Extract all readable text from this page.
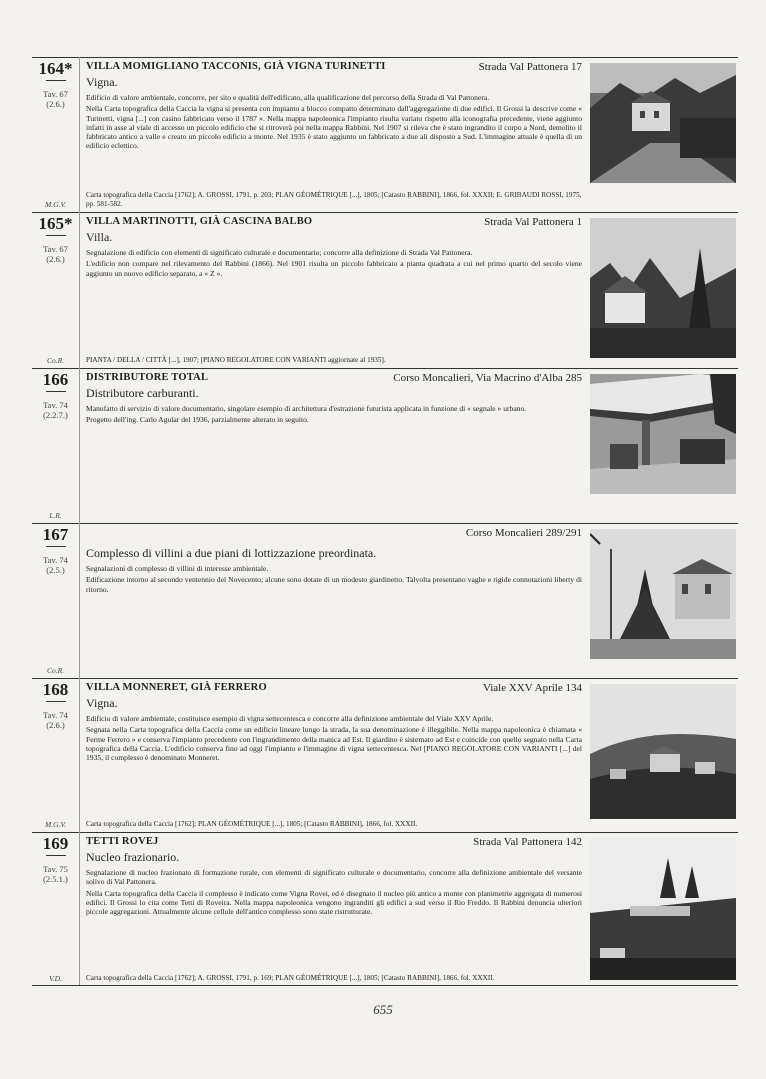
164*
Tav. 67
(2.6.)
M.G.V.
VILLA MOMIGLIANO TACCONIS, GIÀ VIGNA TURINETTI	Strada Val Pattonera 17
Vigna.

Edificio di valore ambientale, concorre, per sito e qualità dell'edificato, alla qualificazione del percorso della Strada di Val Pattonera.

Nella Carta topografica della Caccia la vigna si presenta con impianto a blocco compatto determinato dall'aggregazione di due edifici. Il Grossi la descrive come « Turinetti, vigna [...] con casino fabbricato verso il 1787 ». Nella mappa napoleonica l'impianto risulta variato rispetto alla iconografia precedente, viene aggiunto infatti in asse al viale di accesso un piccolo edificio che si ritroverà poi nella mappa Rabbini. Nel 1907 si rileva che è stato ingrandito il corpo a Nord, demolito il fabbricato antico a valle e creato un piccolo edificio a monte. Nel 1935 è stato aggiunto un fabbricato a due ali disposto a Sud. L'immagine attuale è quella di un edificio eclettico.

Carta topografica della Caccia [1762]; A. GROSSI, 1791, p. 203; PLAN GÉOMÉTRIQUE [...], 1805; [Catasto RABBINI], 1866, fol. XXXII; E. GRIBAUDI ROSSI, 1975, pp. 581-582.
165*
Tav. 67
(2.6.)
Co.R.
VILLA MARTINOTTI, GIÀ CASCINA BALBO	Strada Val Pattonera 1
Villa.

Segnalazione di edificio con elementi di significato culturale e documentario; concorre alla definizione di Strada Val Pattonera.

L'edificio non compare nel rilevamento del Rabbini (1866). Nel 1901 risulta un piccolo fabbricato a pianta quadrata a cui nel primo quarto del secolo viene aggiunto un nuovo edificio separato, a « Z ».

PIANTA / DELLA / CITTÀ [...], 1907; [PIANO REGOLATORE CON VARIANTI aggiornate al 1935].
166
Tav. 74
(2.2.7.)
L.R.
DISTRIBUTORE TOTAL	Corso Moncalieri, Via Macrino d'Alba 285
Distributore carburanti.

Manufatto di servizio di valore documentario, singolare esempio di architettura d'estrazione futurista applicata in funzione di « segnale » urbano.

Progetto dell'ing. Carlo Agular del 1936, parzialmente alterato in seguito.

167
Tav. 74
(2.5.)
Co.R.
Corso Moncalieri 289/291
Complesso di villini a due piani di lottizzazione preordinata.

Segnalazioni di complesso di villini di interesse ambientale.

Edificazione intorno al secondo ventennio del Novecento; alcune sono dotate di un modesto giardinetto. Talvolta presentano vaghe e rigide connotazioni liberty di ritorno.

168
Tav. 74
(2.6.)
M.G.V.
VILLA MONNERET, GIÀ FERRERO	Viale XXV Aprile 134
Vigna.

Edificio di valore ambientale, costituisce esempio di vigna settecentesca e concorre alla definizione ambientale del Viale XXV Aprile.

Segnata nella Carta topografica della Caccia come un edificio lineare lungo la strada, la sua denominazione è illeggibile. Nella mappa napoleonica è chiamata « Ferme Ferrero » e conserva l'impianto precedente con l'ingrandimento della manica ad Est. Il giardino è sistemato ad Est e coincide con quello segnato nella Carta topografica della Caccia. L'edificio conserva fino ad oggi l'impianto e l'immagine di vigna settecentesca. Nel [PIANO REGOLATORE CON VARIANTI [...] del 1935, il complesso è denominato Monneret.

Carta topografica della Caccia [1762]; PLAN GÉOMÉTRIQUE [...], 1805; [Catasto RABBINI], 1866, fol. XXXII.
169
Tav. 75
(2.5.1.)
V.D.
TETTI ROVEJ	Strada Val Pattonera 142
Nucleo frazionario.

Segnalazione di nucleo frazionato di formazione rurale, con elementi di significato culturale e documentario, concorre alla definizione ambientale del versante solivo di Val Pattonera.

Nella Carta topografica della Caccia il complesso è indicato come Vigna Rovei, ed è disegnato il nucleo più antico a monte con planimetrie aggregata di numerosi edifici. Il Grossi lo cita come Tetti di Roveira. Nella mappa napoleonica vengono ingranditi gli edifici a sud verso il Rio Freddo. Il Rabbini denuncia ulteriori piccole aggregazioni. Attualmente alcune cellule dell'antico complesso sono state ristrutturate.

Carta topografica della Caccia [1762]; A. GROSSI, 1791, p. 169; PLAN GÉOMÉTRIQUE [...], 1805; [Catasto RABBINI], 1866, fol. XXXII.
655
